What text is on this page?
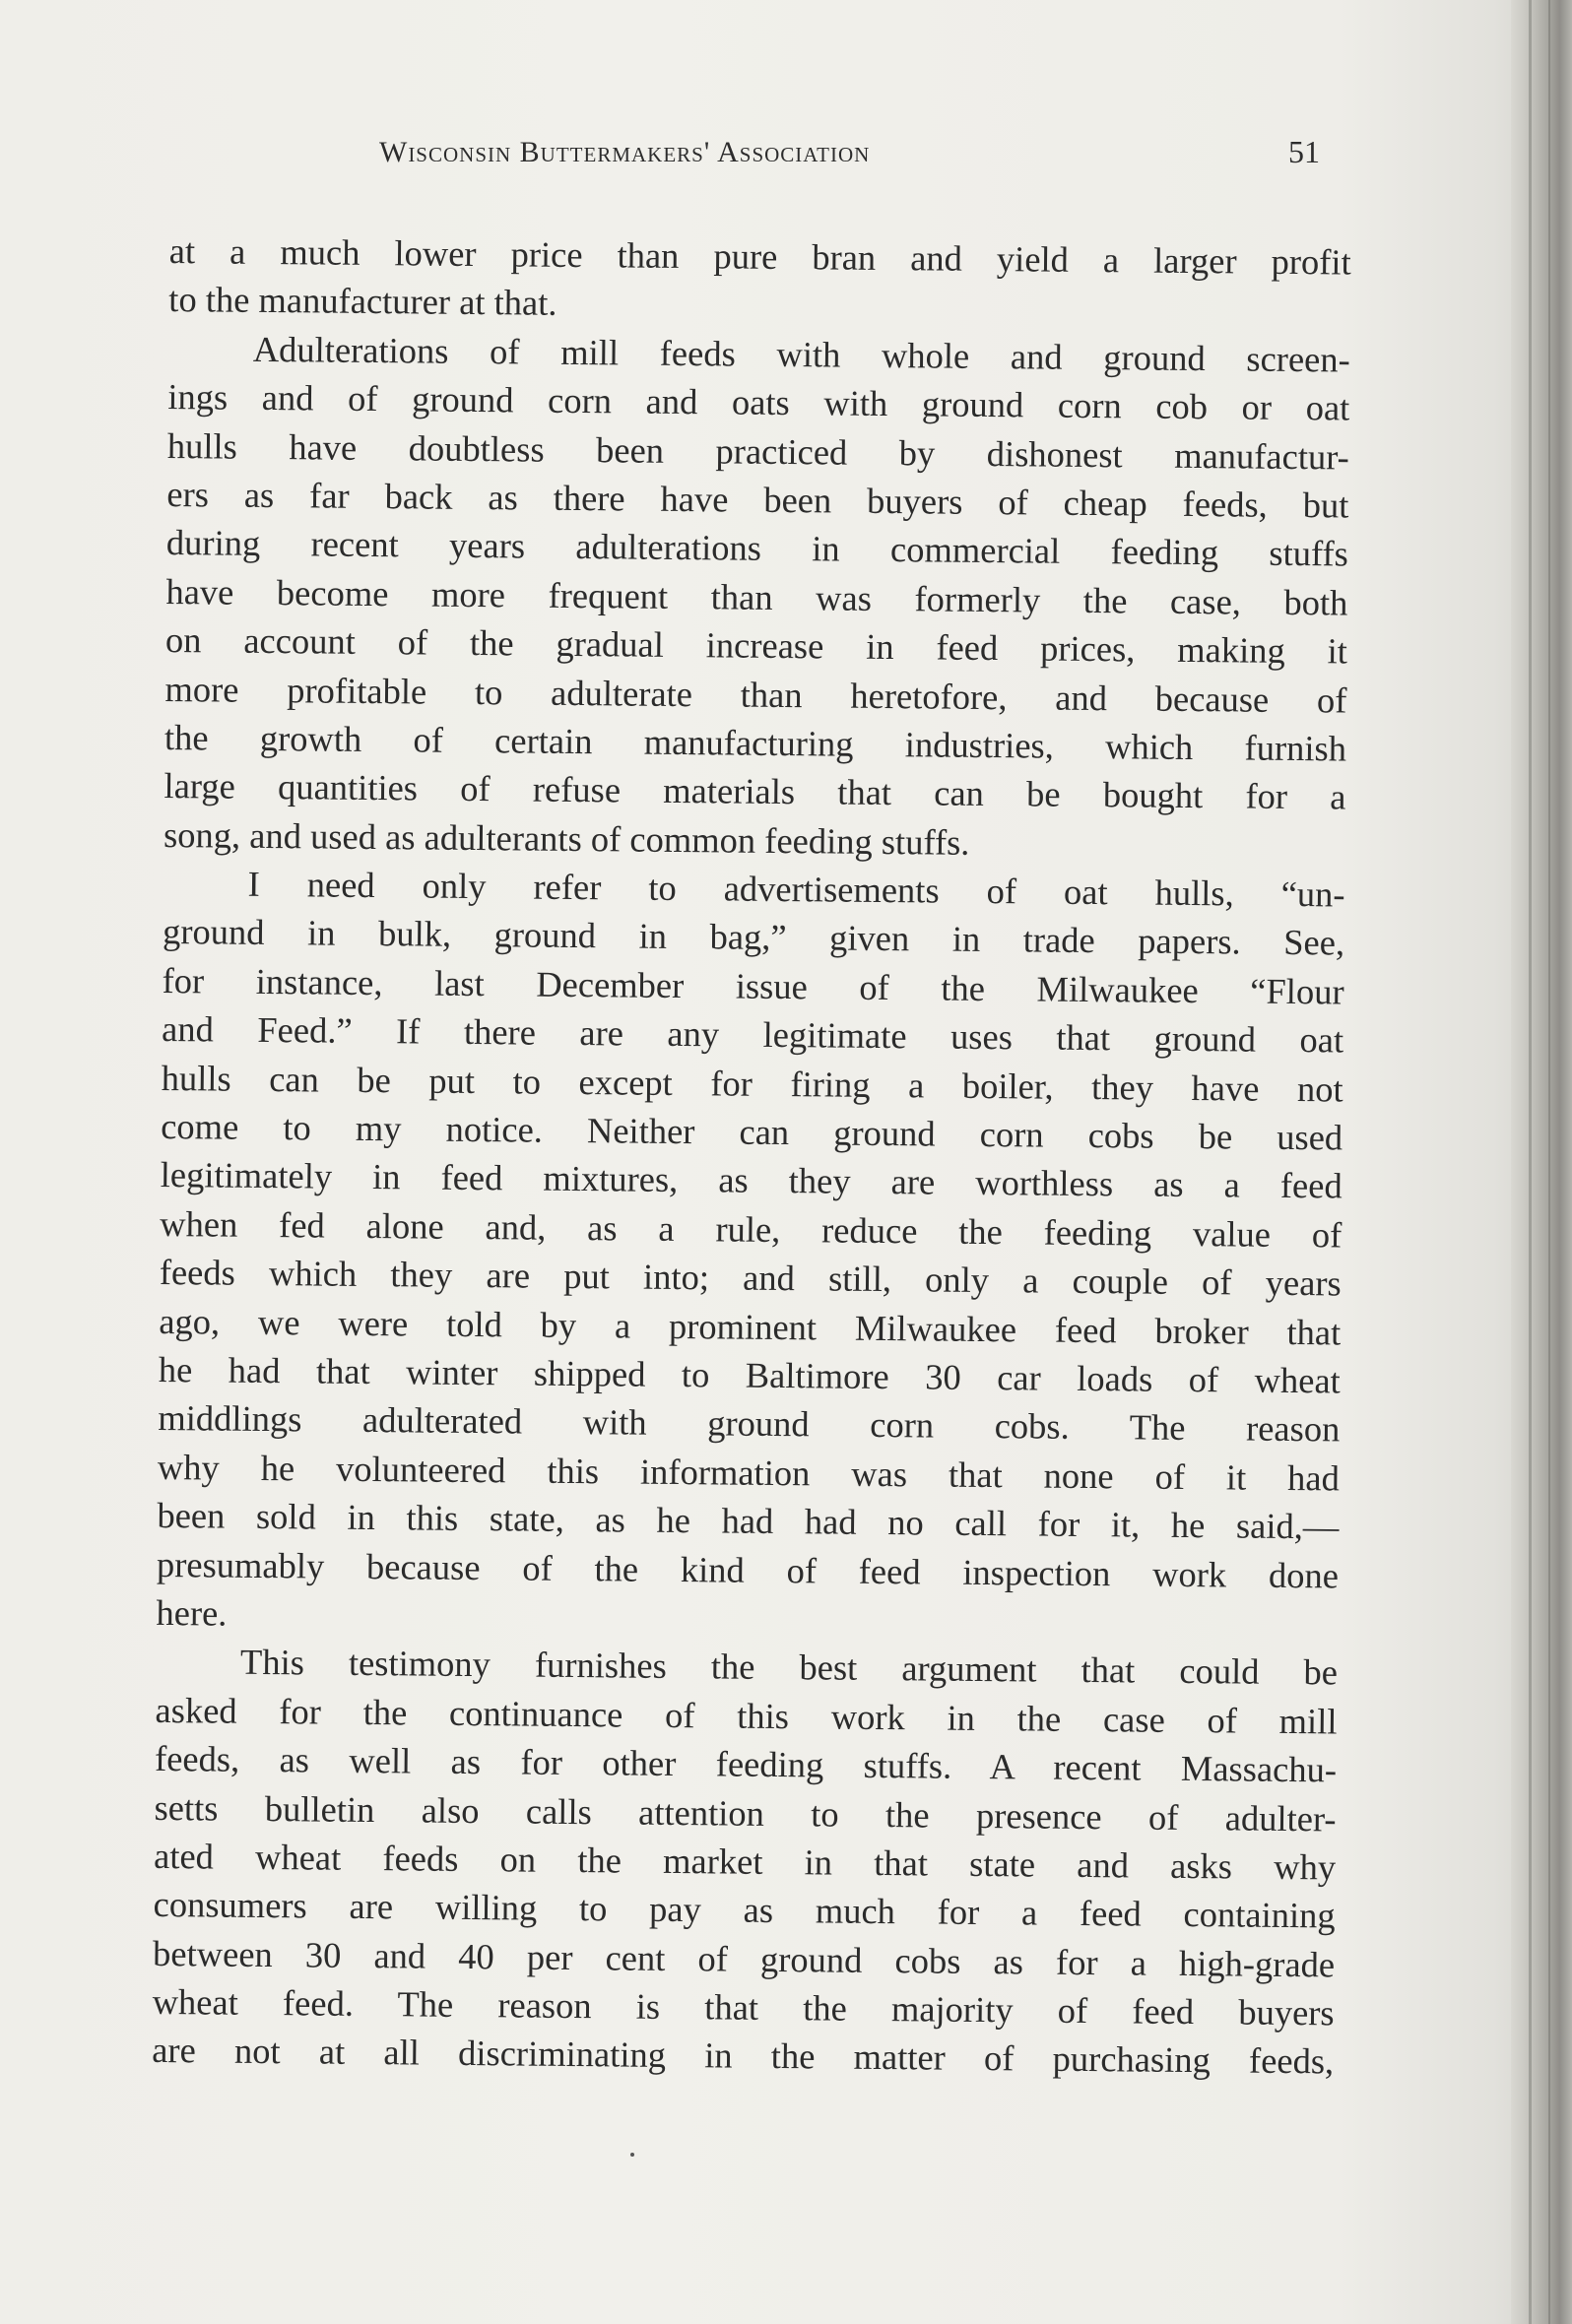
Wisconsin Buttermakers' Association	51
at a much lower price than pure bran and yield a larger profit
to the manufacturer at that.
Adulterations of mill feeds with whole and ground screen-
ings and of ground corn and oats with ground corn cob or oat
hulls have doubtless been practiced by dishonest manufactur-
ers as far back as there have been buyers of cheap feeds, but
during recent years adulterations in commercial feeding stuffs
have become more frequent than was formerly the case, both
on account of the gradual increase in feed prices, making it
more profitable to adulterate than heretofore, and because of
the growth of certain manufacturing industries, which furnish
large quantities of refuse materials that can be bought for a
song, and used as adulterants of common feeding stuffs.
I need only refer to advertisements of oat hulls, “un-
ground in bulk, ground in bag,” given in trade papers. See,
for instance, last December issue of the Milwaukee “Flour
and Feed.” If there are any legitimate uses that ground oat
hulls can be put to except for firing a boiler, they have not
come to my notice. Neither can ground corn cobs be used
legitimately in feed mixtures, as they are worthless as a feed
when fed alone and, as a rule, reduce the feeding value of
feeds which they are put into; and still, only a couple of years
ago, we were told by a prominent Milwaukee feed broker that
he had that winter shipped to Baltimore 30 car loads of wheat
middlings adulterated with ground corn cobs. The reason
why he volunteered this information was that none of it had
been sold in this state, as he had had no call for it, he said,—
presumably because of the kind of feed inspection work done
here.
This testimony furnishes the best argument that could be
asked for the continuance of this work in the case of mill
feeds, as well as for other feeding stuffs. A recent Massachu-
setts bulletin also calls attention to the presence of adulter-
ated wheat feeds on the market in that state and asks why
consumers are willing to pay as much for a feed containing
between 30 and 40 per cent of ground cobs as for a high-grade
wheat feed. The reason is that the majority of feed buyers
are not at all discriminating in the matter of purchasing feeds,
